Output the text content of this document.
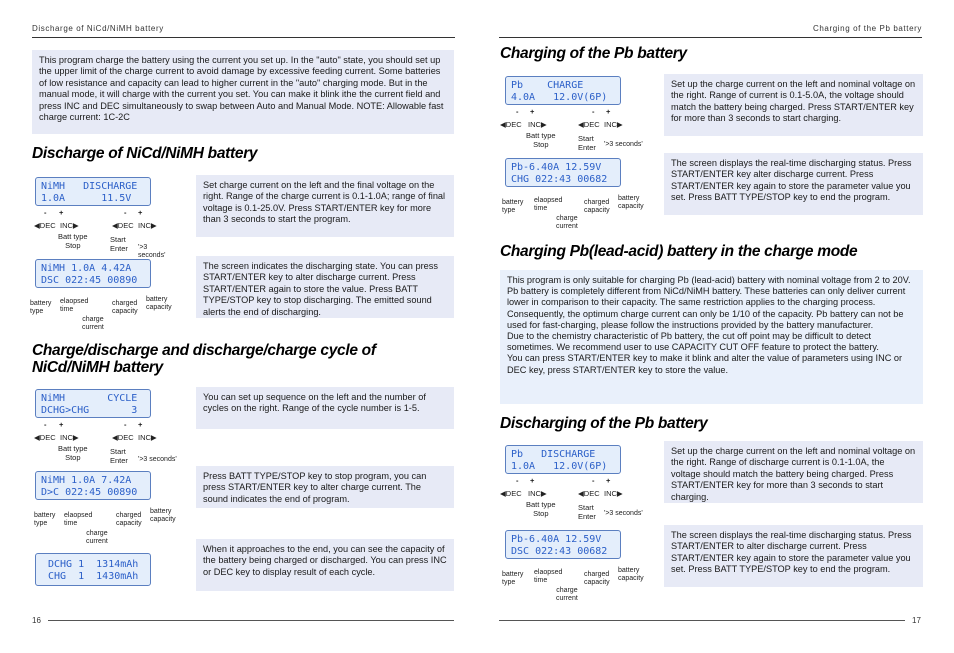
Discharge of NiCd/NiMH battery
This program charge the battery using the current you set up. In the "auto" state, you should set up the upper limit of the charge current to avoid damage by excessive feeding current. Some batteries of low resistance and capacity can lead to higher current in the "auto" charging mode. But in the manual mode, it will charge with the current you set. You can make it blink ithe the current field and press INC and DEC simultaneously to swap between Auto and Manual Mode. NOTE: Allowable fast charge current: 1C-2C
Discharge of NiCd/NiMH battery
NiMH   DISCHARGE
1.0A      11.5V
- +	- +
◀DEC INC▶	◀DEC INC▶
Batt type
Stop
Start
Enter '>3 seconds'
NiMH 1.0A 4.42A
DSC 022:45 00890
battery
type
elaopsed
time
charge
current
charged
capacity
battery
capacity
Set charge current on the left and the final voltage on the right. Range of the charge current is 0.1-1.0A; range of final voltage is 0.1-25.0V. Press START/ENTER key for more than 3 seconds to start the program.
The screen indicates the discharging state. You can press START/ENTER key to alter discharge current. Press START/ENTER again to store the value. Press BATT TYPE/STOP key to stop discharging. The emitted sound alerts the end of discharging.
Charge/discharge and discharge/charge cycle of NiCd/NiMH battery
NiMH       CYCLE
DCHG>CHG       3
- +	- +
◀DEC INC▶	◀DEC INC▶
Batt type
Stop
Start
Enter '>3 seconds'
NiMH 1.0A 7.42A
D>C 022:45 00890
battery
type
elaopsed
time
charge
current
charged
capacity
battery
capacity
DCHG 1  1314mAh
CHG  1  1430mAh
You can set up sequence on the left and the number of cycles on the right. Range of the cycle number is 1-5.
Press BATT TYPE/STOP key to stop program, you can press START/ENTER key to alter charge current. The sound indicates the end of program.
When it approaches to the end, you can see the capacity of the battery being charged or discharged. You can press INC or DEC key to display result of each cycle.
16
Charging of the Pb battery
Charging of the Pb battery
Pb    CHARGE
4.0A   12.0V(6P)
- +	- +
◀DEC INC▶	◀DEC INC▶
Batt type
Stop
Start
Enter '>3 seconds'
Pb-6.40A 12.59V
CHG 022:43 00682
battery
type
elaopsed
time
charge
current
charged
capacity
battery
capacity
Set up the charge current on the left and nominal voltage on the right. Range of current is 0.1-5.0A, the voltage should match the battery being charged. Press START/ENTER key for more than 3 seconds to start charging.
The screen displays the real-time discharging status. Press START/ENTER key alter discharge current. Press START/ENTER key again to store the parameter value you set. Press BATT TYPE/STOP key to end the program.
Charging Pb(lead-acid) battery in the charge mode
This program is only suitable for charging Pb (lead-acid) battery with nominal voltage from 2 to 20V. Pb battery is completely different from NiCd/NiMH battery. These batteries can only deliver current lower in comparison to their capacity. The same restriction applies to the charging process. Consequently, the optimum charge current can only be 1/10 of the capacity. Pb battery can not be used for fast-charging, please follow the instructions provided by the battery manufacturer.
Due to the chemistry characteristic of Pb battery, the cut off point may be difficult to detect sometimes. We recommend user to use CAPACITY CUT OFF feature to protect the battery.
You can press START/ENTER key to make it blink and alter the value of parameters using INC or DEC key, press START/ENTER key to store the value.
Discharging of the Pb battery
Pb   DISCHARGE
1.0A   12.0V(6P)
- +	- +
◀DEC INC▶	◀DEC INC▶
Batt type
Stop
Start
Enter '>3 seconds'
Pb-6.40A 12.59V
DSC 022:43 00682
battery
type
elaopsed
time
charge
current
charged
capacity
battery
capacity
Set up the charge current on the left and nominal voltage on the right. Range of discharge current is 0.1-1.0A, the voltage should match the battery being charged. Press START/ENTER key for more than 3 seconds to start charging.
The screen displays the real-time discharging status. Press START/ENTER to alter discharge current. Press START/ENTER key again to store the parameter value you set. Press BATT TYPE/STOP key to end the program.
17
